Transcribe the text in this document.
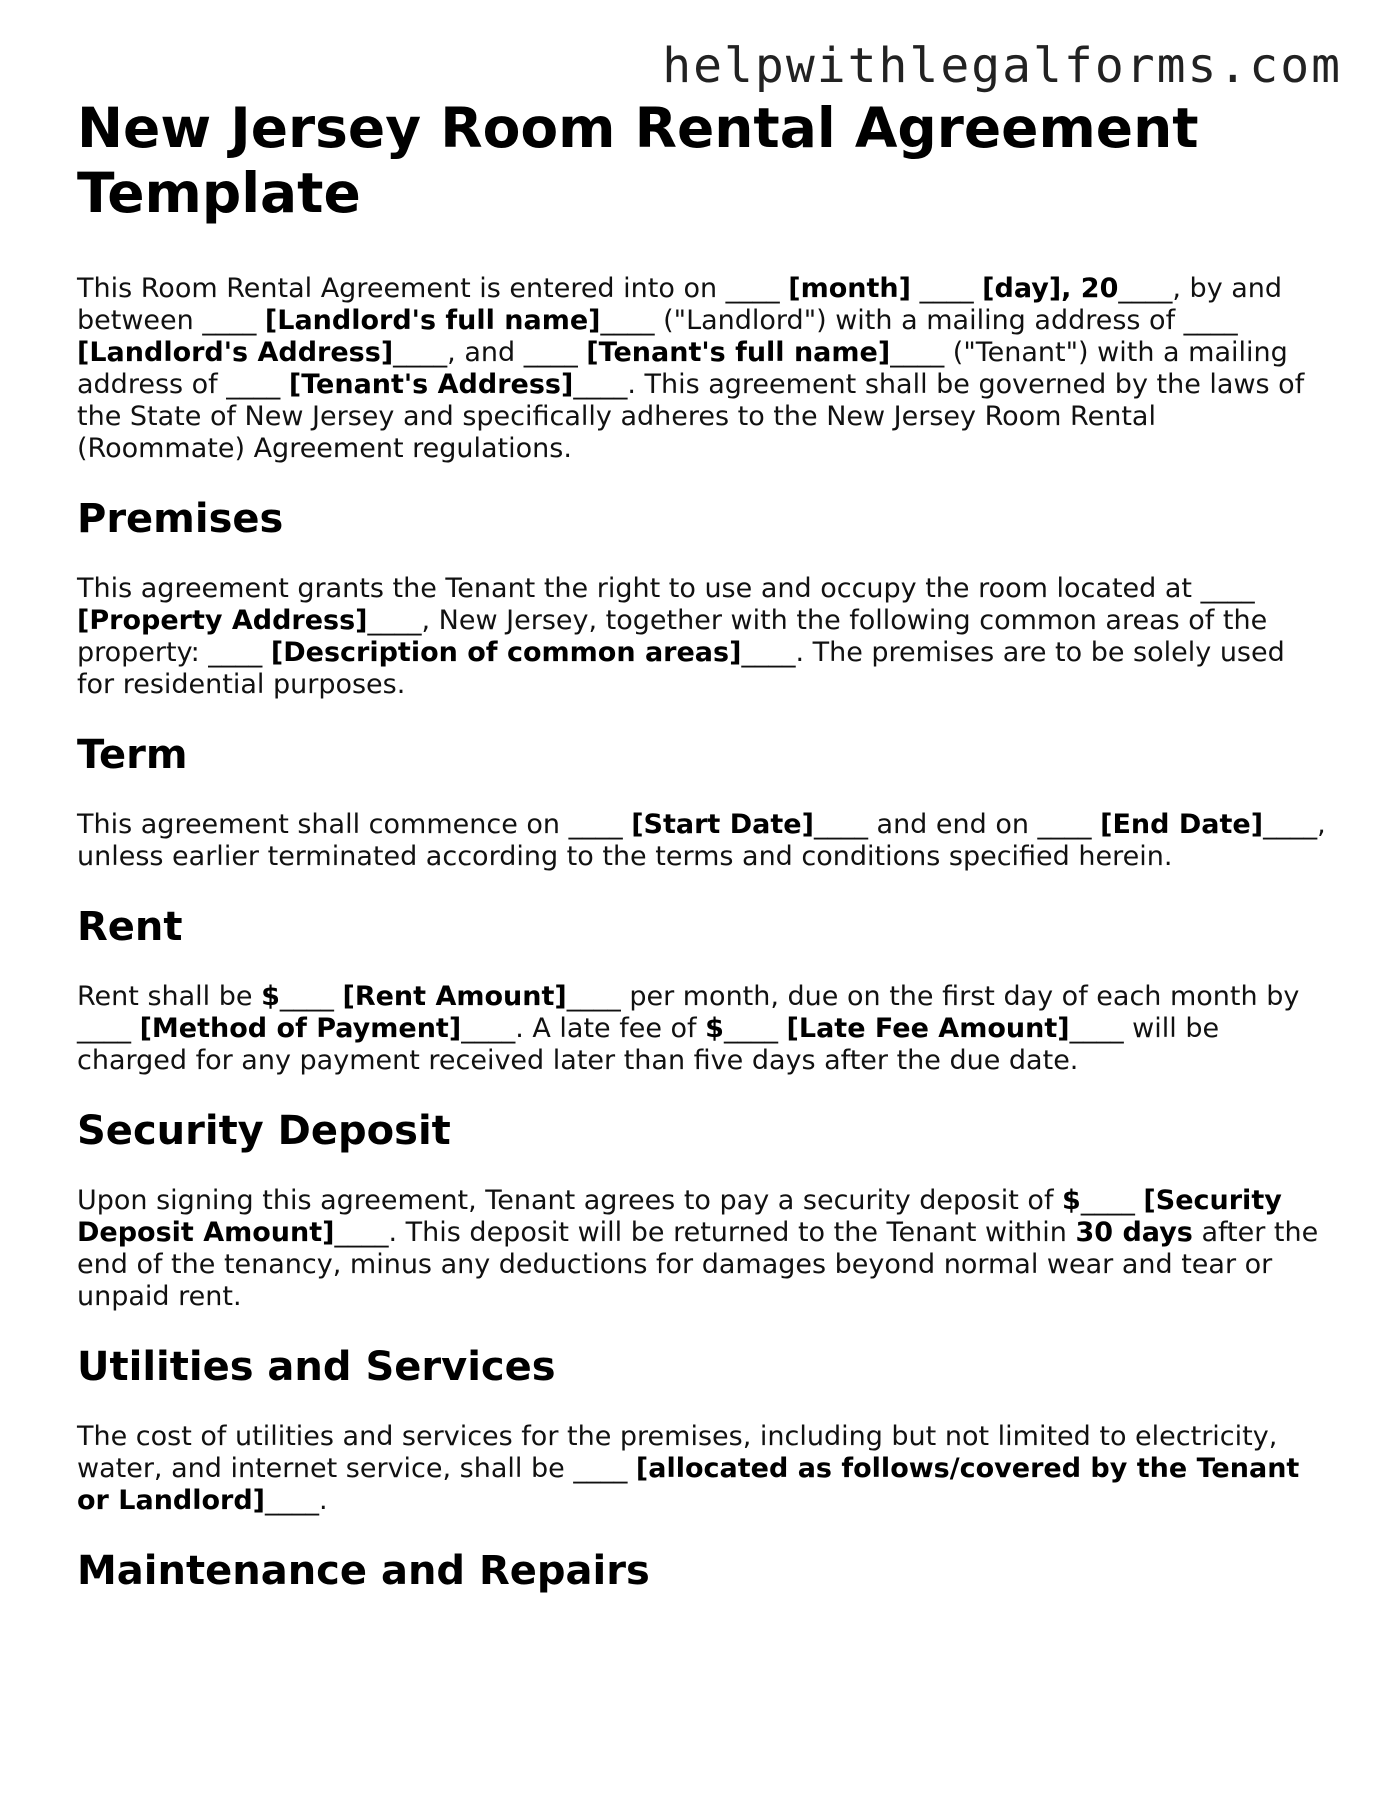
helpwithlegalforms.com
New Jersey Room Rental Agreement Template

This Room Rental Agreement is entered into on ____ [month] ____ [day], 20____, by and between ____ [Landlord's full name]____ ("Landlord") with a mailing address of ____ [Landlord's Address]____, and ____ [Tenant's full name]____ ("Tenant") with a mailing address of ____ [Tenant's Address]____. This agreement shall be governed by the laws of the State of New Jersey and specifically adheres to the New Jersey Room Rental (Roommate) Agreement regulations.

Premises

This agreement grants the Tenant the right to use and occupy the room located at ____ [Property Address]____, New Jersey, together with the following common areas of the property: ____ [Description of common areas]____. The premises are to be solely used for residential purposes.

Term

This agreement shall commence on ____ [Start Date]____ and end on ____ [End Date]____, unless earlier terminated according to the terms and conditions specified herein.

Rent

Rent shall be $____ [Rent Amount]____ per month, due on the first day of each month by ____ [Method of Payment]____. A late fee of $____ [Late Fee Amount]____ will be charged for any payment received later than five days after the due date.

Security Deposit

Upon signing this agreement, Tenant agrees to pay a security deposit of $____ [Security Deposit Amount]____. This deposit will be returned to the Tenant within 30 days after the end of the tenancy, minus any deductions for damages beyond normal wear and tear or unpaid rent.

Utilities and Services

The cost of utilities and services for the premises, including but not limited to electricity, water, and internet service, shall be ____ [allocated as follows/covered by the Tenant or Landlord]____.

Maintenance and Repairs
